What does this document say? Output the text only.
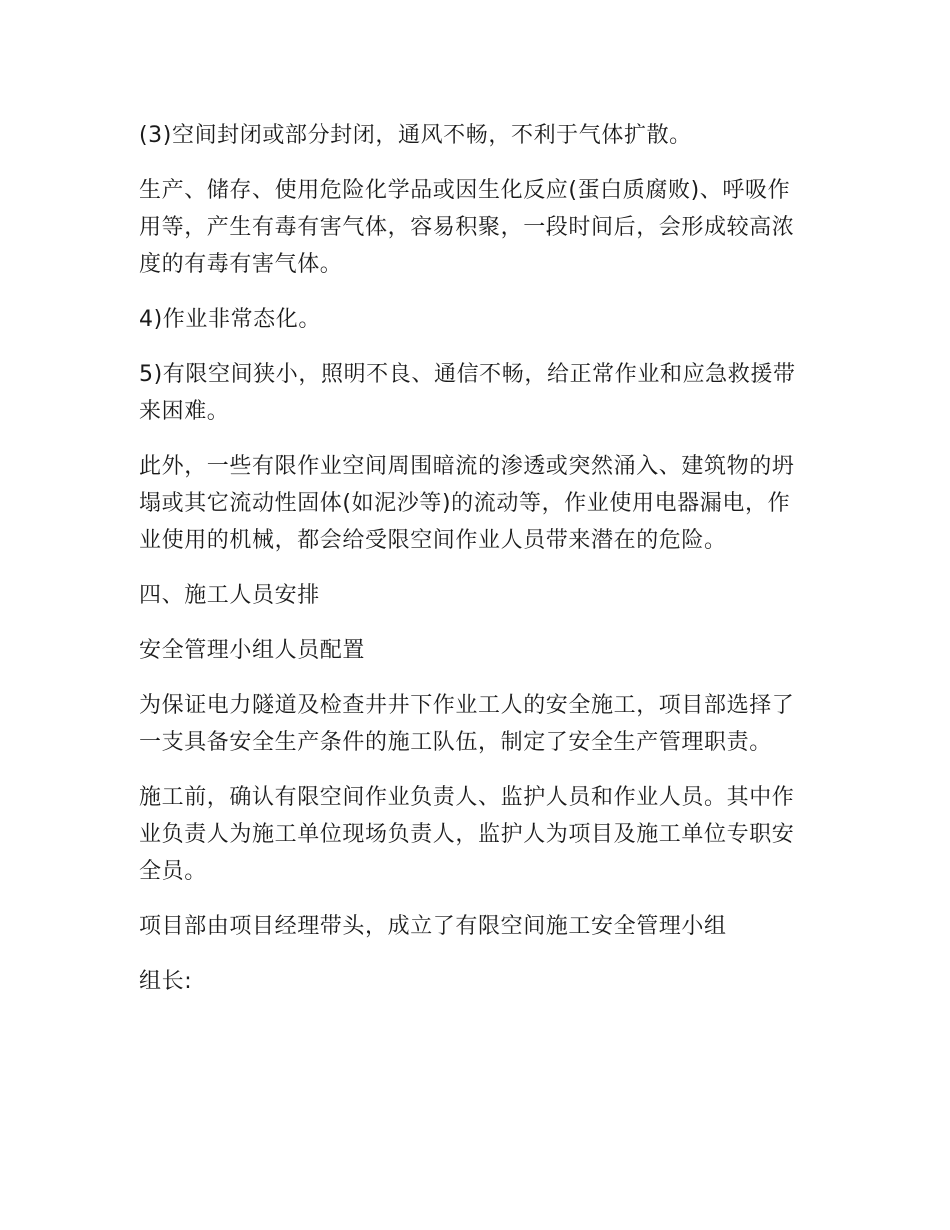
(3)空间封闭或部分封闭，通风不畅，不利于气体扩散。

生产、储存、使用危险化学品或因生化反应(蛋白质腐败)、呼吸作用等，产生有毒有害气体，容易积聚，一段时间后，会形成较高浓度的有毒有害气体。

4)作业非常态化。

5)有限空间狭小，照明不良、通信不畅，给正常作业和应急救援带来困难。

此外，一些有限作业空间周围暗流的渗透或突然涌入、建筑物的坍塌或其它流动性固体(如泥沙等)的流动等，作业使用电器漏电，作业使用的机械，都会给受限空间作业人员带来潜在的危险。

四、施工人员安排

安全管理小组人员配置

为保证电力隧道及检查井井下作业工人的安全施工，项目部选择了一支具备安全生产条件的施工队伍，制定了安全生产管理职责。

施工前，确认有限空间作业负责人、监护人员和作业人员。其中作业负责人为施工单位现场负责人，监护人为项目及施工单位专职安全员。

项目部由项目经理带头，成立了有限空间施工安全管理小组

组长:
